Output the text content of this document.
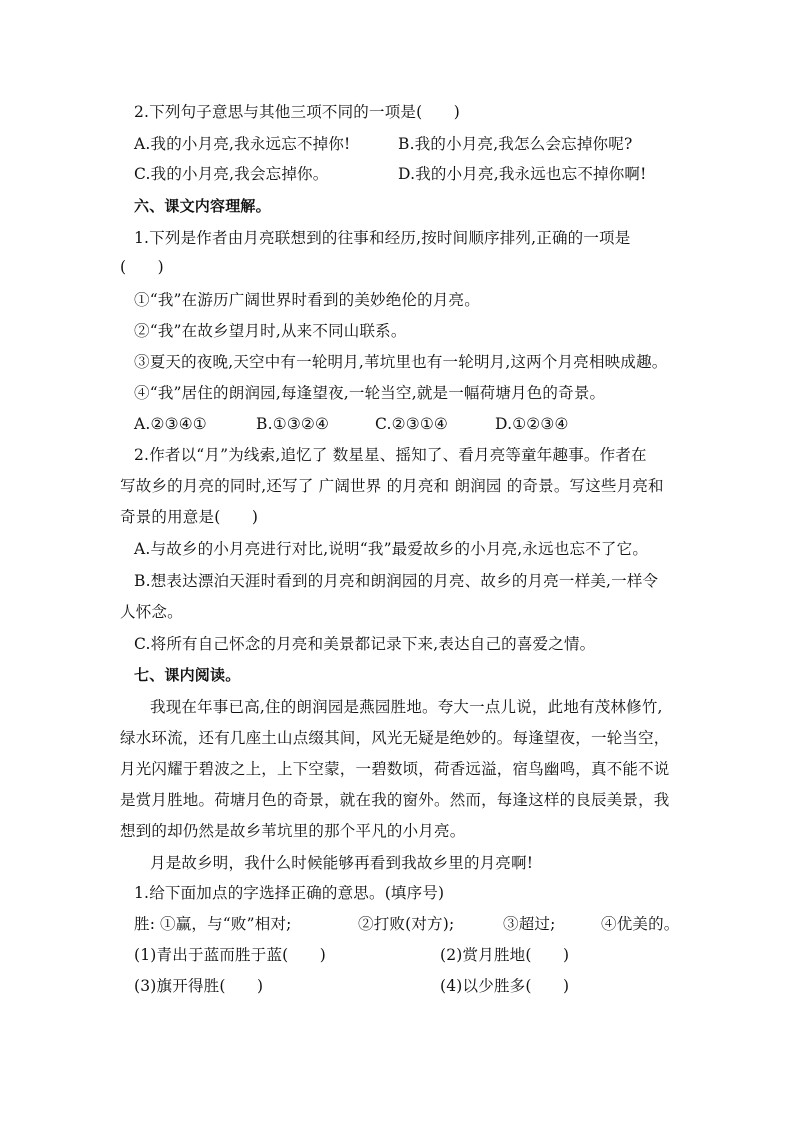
2.下列句子意思与其他三项不同的一项是(　　)
A.我的小月亮,我永远忘不掉你!	B.我的小月亮,我怎么会忘掉你呢?
C.我的小月亮,我会忘掉你。	D.我的小月亮,我永远也忘不掉你啊!
六、课文内容理解。
1.下列是作者由月亮联想到的往事和经历,按时间顺序排列,正确的一项是
(　　)
①“我”在游历广阔世界时看到的美妙绝伦的月亮。
②“我”在故乡望月时,从来不同山联系。
③夏天的夜晚,天空中有一轮明月,苇坑里也有一轮明月,这两个月亮相映成趣。
④“我”居住的朗润园,每逢望夜,一轮当空,就是一幅荷塘月色的奇景。
A.②③④①	B.①③②④	C.②③①④	D.①②③④
2.作者以“月”为线索,追忆了 数星星、摇知了、看月亮等童年趣事。作者在
写故乡的月亮的同时,还写了 广阔世界 的月亮和 朗润园 的奇景。写这些月亮和
奇景的用意是(　　)
A.与故乡的小月亮进行对比,说明“我”最爱故乡的小月亮,永远也忘不了它。
B.想表达漂泊天涯时看到的月亮和朗润园的月亮、故乡的月亮一样美,一样令
人怀念。
C.将所有自己怀念的月亮和美景都记录下来,表达自己的喜爱之情。
七、课内阅读。
我现在年事已高,住的朗润园是燕园胜地。夸大一点儿说，此地有茂林修竹,
绿水环流，还有几座土山点缀其间，风光无疑是绝妙的。每逢望夜，一轮当空，
月光闪耀于碧波之上，上下空蒙，一碧数顷，荷香远溢，宿鸟幽鸣，真不能不说
是赏月胜地。荷塘月色的奇景，就在我的窗外。然而，每逢这样的良辰美景，我
想到的却仍然是故乡苇坑里的那个平凡的小月亮。
月是故乡明，我什么时候能够再看到我故乡里的月亮啊!
1.给下面加点的字选择正确的意思。(填序号)
胜: ①赢，与“败”相对;	②打败(对方);	③超过;	④优美的。
(1)青出于蓝而胜于蓝(　　)	(2)赏月胜地(　　)
(3)旗开得胜(　　)	(4)以少胜多(　　)
